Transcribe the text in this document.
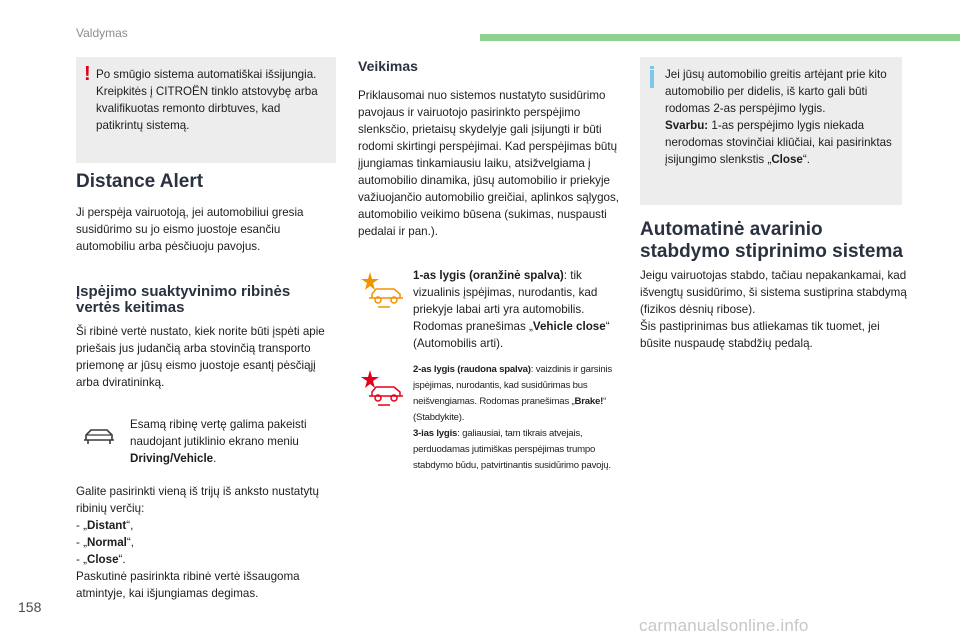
Valdymas
! Po smūgio sistema automatiškai išsijungia. Kreipkitės į CITROËN tinklo atstovybę arba kvalifikuotas remonto dirbtuves, kad patikrintų sistemą.

Distance Alert

Ji perspėja vairuotoją, jei automobiliui gresia susidūrimo su jo eismo juostoje esančiu automobiliu arba pėsčiuoju pavojus.

Įspėjimo suaktyvinimo ribinės vertės keitimas

Ši ribinė vertė nustato, kiek norite būti įspėti apie priešais jus judančią arba stovinčią transporto priemonę ar jūsų eismo juostoje esantį pėsčiąjį arba dviratininką.

Esamą ribinę vertę galima pakeisti naudojant jutiklinio ekrano meniu Driving/Vehicle.

Galite pasirinkti vieną iš trijų iš anksto nustatytų ribinių verčių:
- „Distant“,
- „Normal“,
- „Close“.
Paskutinė pasirinkta ribinė vertė išsaugoma atmintyje, kai išjungiamas degimas.
Veikimas

Priklausomai nuo sistemos nustatyto susidūrimo pavojaus ir vairuotojo pasirinkto perspėjimo slenksčio, prietaisų skydelyje gali įsijungti ir būti rodomi skirtingi perspėjimai. Kad perspėjimas būtų įjungiamas tinkamiausiu laiku, atsižvelgiama į automobilio dinamika, jūsų automobilio ir priekyje važiuojančio automobilio greičiai, aplinkos sąlygos, automobilio veikimo būsena (sukimas, nuspausti pedalai ir pan.).

1-as lygis (oranžinė spalva): tik vizualinis įspėjimas, nurodantis, kad priekyje labai arti yra automobilis. Rodomas pranešimas „Vehicle close“ (Automobilis arti).

2-as lygis (raudona spalva): vaizdinis ir garsinis įspėjimas, nurodantis, kad susidūrimas bus neišvengiamas. Rodomas pranešimas „Brake!“ (Stabdykite).
3-ias lygis: galiausiai, tam tikrais atvejais, perduodamas jutimiškas perspėjimas trumpo stabdymo būdu, patvirtinantis susidūrimo pavojų.

Jei jūsų automobilio greitis artėjant prie kito automobilio per didelis, iš karto gali būti rodomas 2-as perspėjimo lygis.
Svarbu: 1-as perspėjimo lygis niekada nerodomas stovinčiai kliūčiai, kai pasirinktas įsijungimo slenkstis „Close“.

Automatinė avarinio stabdymo stiprinimo sistema

Jeigu vairuotojas stabdo, tačiau nepakankamai, kad išvengtų susidūrimo, ši sistema sustiprina stabdymą (fizikos dėsnių ribose).
Šis pastiprinimas bus atliekamas tik tuomet, jei būsite nuspaudę stabdžių pedalą.

158
carmanualsonline.info
